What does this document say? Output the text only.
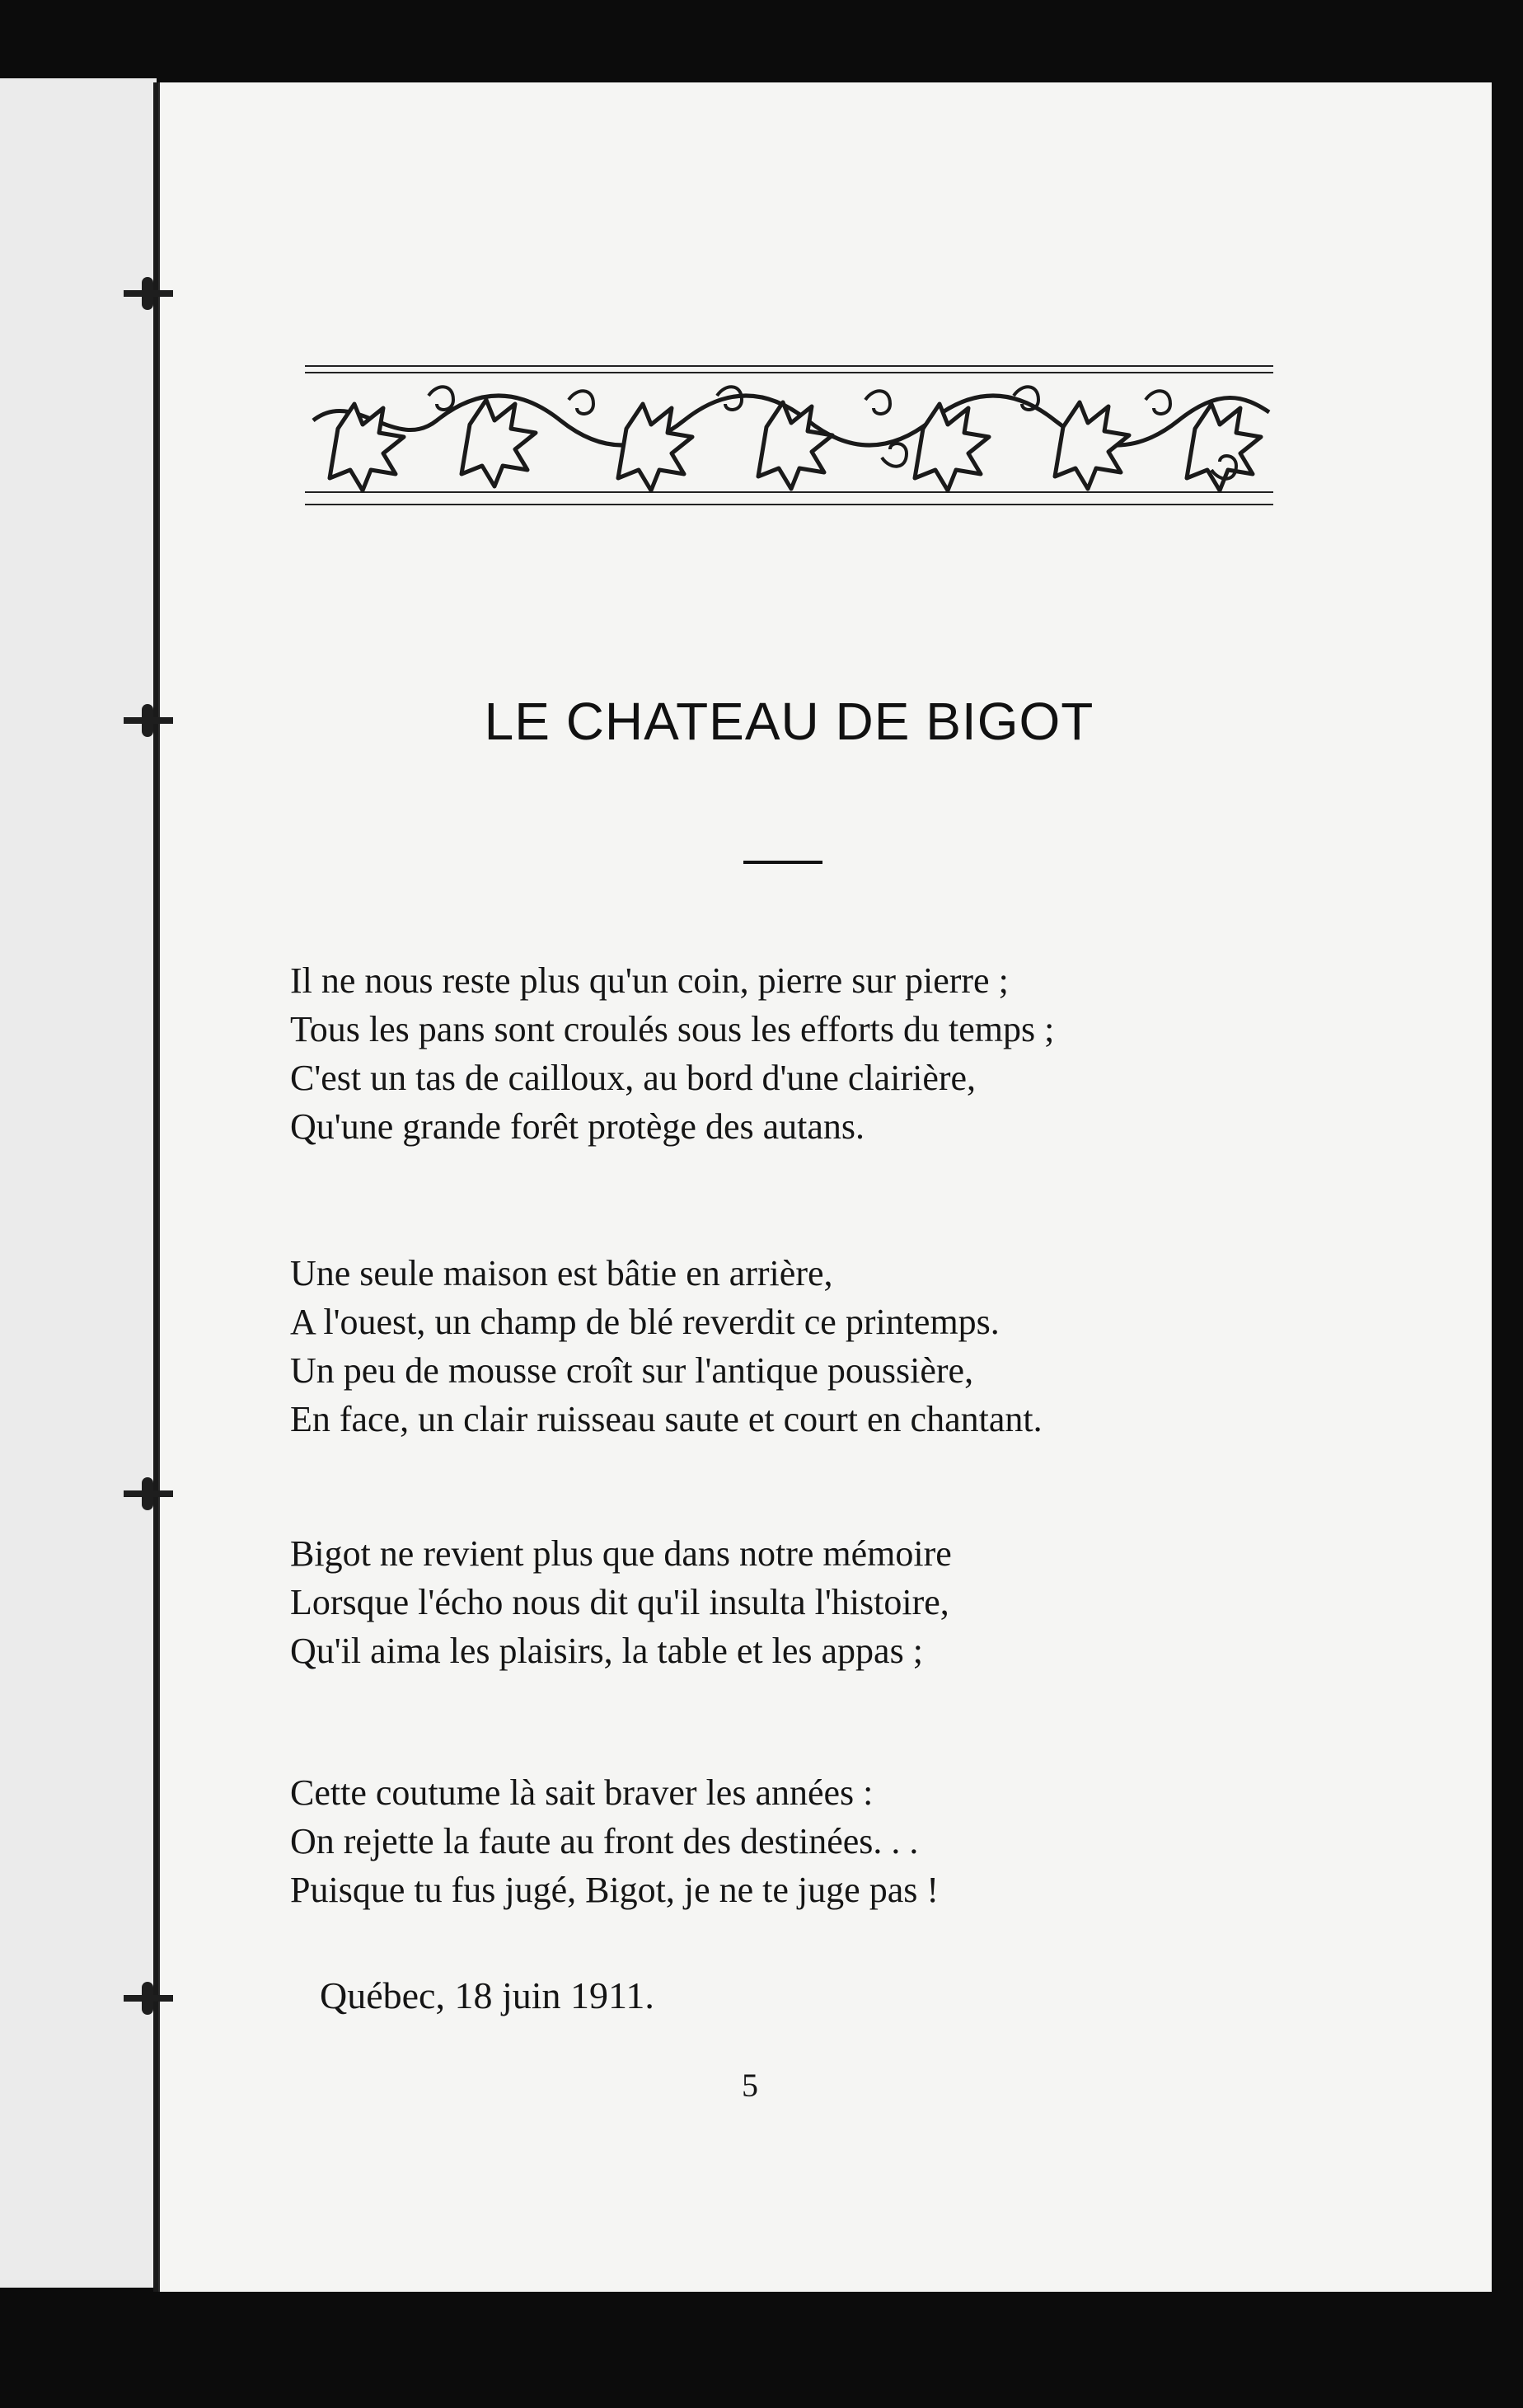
LE CHATEAU DE BIGOT
Il ne nous reste plus qu'un coin, pierre sur pierre ;
Tous les pans sont croulés sous les efforts du temps ;
C'est un tas de cailloux, au bord d'une clairière,
Qu'une grande forêt protège des autans.
Une seule maison est bâtie en arrière,
A l'ouest, un champ de blé reverdit ce printemps.
Un peu de mousse croît sur l'antique poussière,
En face, un clair ruisseau saute et court en chantant.
Bigot ne revient plus que dans notre mémoire
Lorsque l'écho nous dit qu'il insulta l'histoire,
Qu'il aima les plaisirs, la table et les appas ;
Cette coutume là sait braver les années :
On rejette la faute au front des destinées. . .
Puisque tu fus jugé, Bigot, je ne te juge pas !
Québec, 18 juin 1911.
5
